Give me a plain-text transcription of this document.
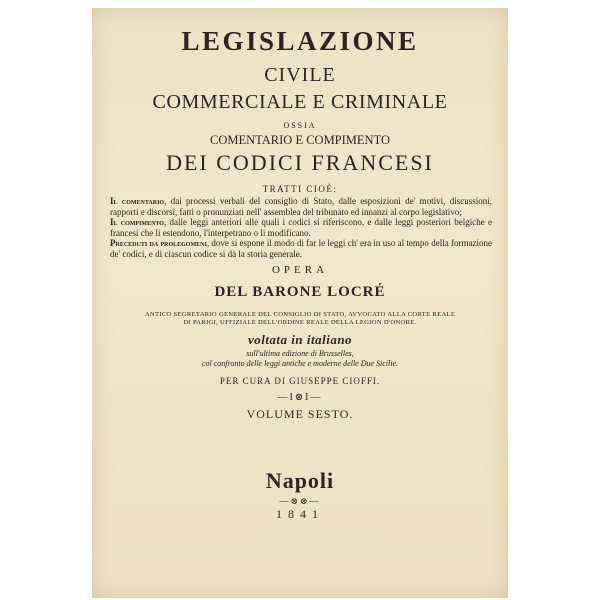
LEGISLAZIONE
CIVILE
COMMERCIALE E CRIMINALE
OSSIA
COMENTARIO E COMPIMENTO
DEI CODICI FRANCESI
TRATTI CIOÈ:

Il comentario, dai processi verbali del consiglio di Stato, dalle esposizioni de' motivi, discussioni, rapporti e discorsi, fatti o pronunziati nell' assemblea del tribunato ed innanzi al corpo legislativo;

Il compimento, dalle leggi anteriori alle quali i codici si riferiscono, e dalle leggi posteriori belgiche e francesi che li estendono, l'interpetrano o li modificano.

Preceduti da prolegomeni, dove si espone il modo di far le leggi ch' era in uso al tempo della formazione de' codici, e di ciascun codice si dà la storia generale.

OPERA
DEL BARONE LOCRÉ
ANTICO SEGRETARIO GENERALE DEL CONSIGLIO DI STATO, AVVOCATO ALLA CORTE REALE
DI PARIGI, UFFIZIALE DELL'ORDINE REALE DELLA LEGION D'ONORE.
voltata in italiano
sull'ultima edizione di Brusselles,
col confronto delle leggi antiche e moderne delle Due Sicilie.
PER CURA DI GIUSEPPE CIOFFI.
—I⊗I—
VOLUME SESTO.
Napoli
—⊗⊗—
1841
